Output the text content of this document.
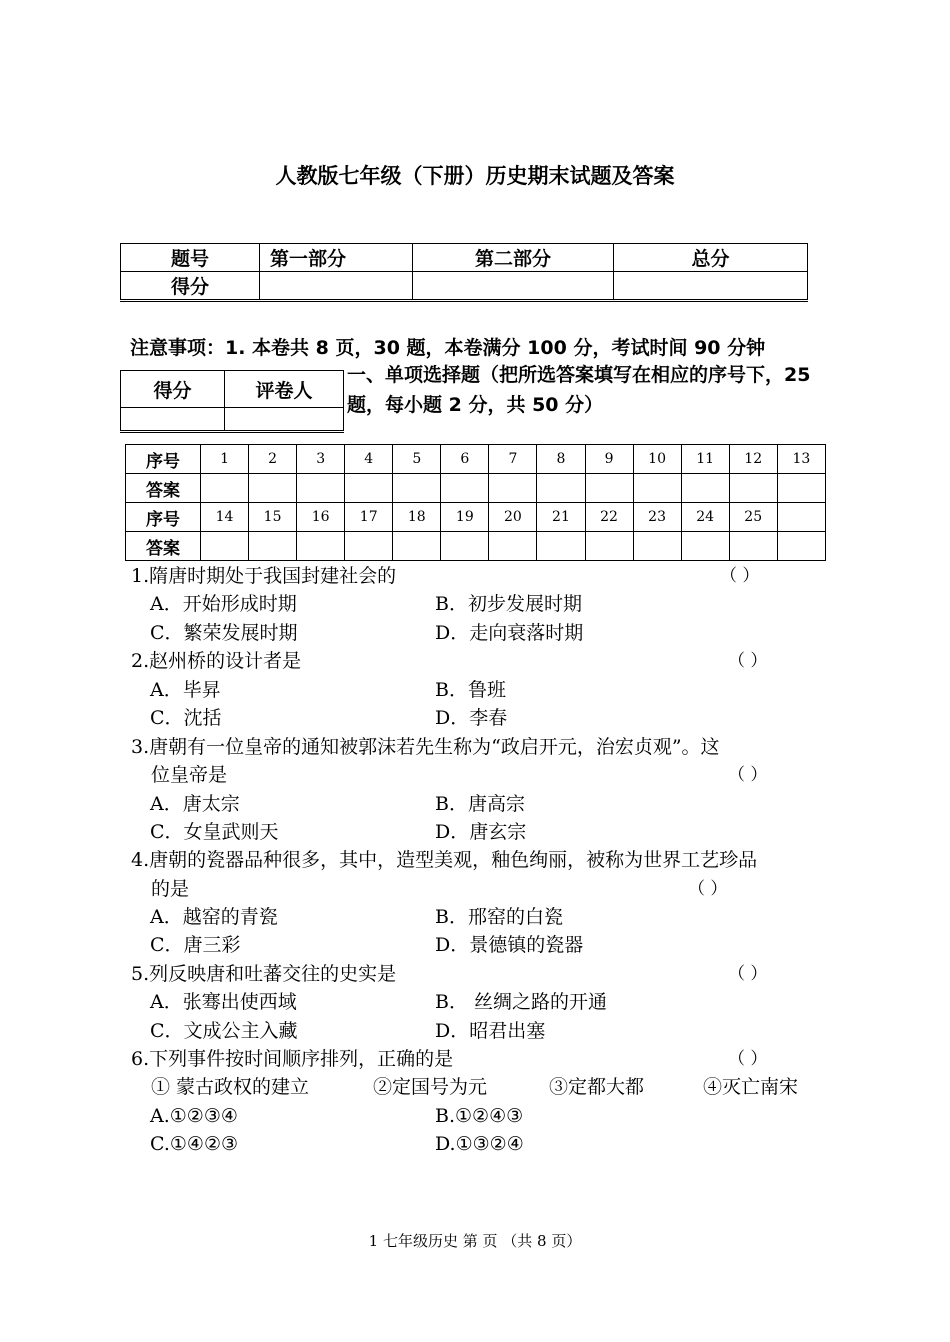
人教版七年级（下册）历史期末试题及答案
题号	第一部分	第二部分	总分
得分			
注意事项：1. 本卷共 8 页，30 题，本卷满分 100 分，考试时间 90 分钟
得分	评卷人

一、单项选择题（把所选答案填写在相应的序号下，25 题，每小题 2 分，共 50 分）
序号	1	2	3	4	5	6	7	8	9	10	11	12	13
答案													
序号	14	15	16	17	18	19	20	21	22	23	24	25	
答案													
1.隋唐时期处于我国封建社会的	（ ）
A．开始形成时期	B．初步发展时期
C．繁荣发展时期	D．走向衰落时期
2.赵州桥的设计者是	（ ）
A．毕昇	B．鲁班
C．沈括	D．李春
3.唐朝有一位皇帝的通知被郭沫若先生称为“政启开元，治宏贞观”。这
位皇帝是	（ ）
A．唐太宗	B．唐高宗
C．女皇武则天	D．唐玄宗
4.唐朝的瓷器品种很多，其中，造型美观，釉色绚丽，被称为世界工艺珍品
的是	（ ）
A．越窑的青瓷	B．邢窑的白瓷
C．唐三彩	D．景德镇的瓷器
5.列反映唐和吐蕃交往的史实是	（ ）
A．张骞出使西域	B． 丝绸之路的开通
C．文成公主入藏	D．昭君出塞
6.下列事件按时间顺序排列，正确的是	（ ）
① 蒙古政权的建立	②定国号为元	③定都大都	④灭亡南宋
A.①②③④	B.①②④③
C.①④②③	D.①③②④
1 七年级历史 第 页 （共 8 页）
